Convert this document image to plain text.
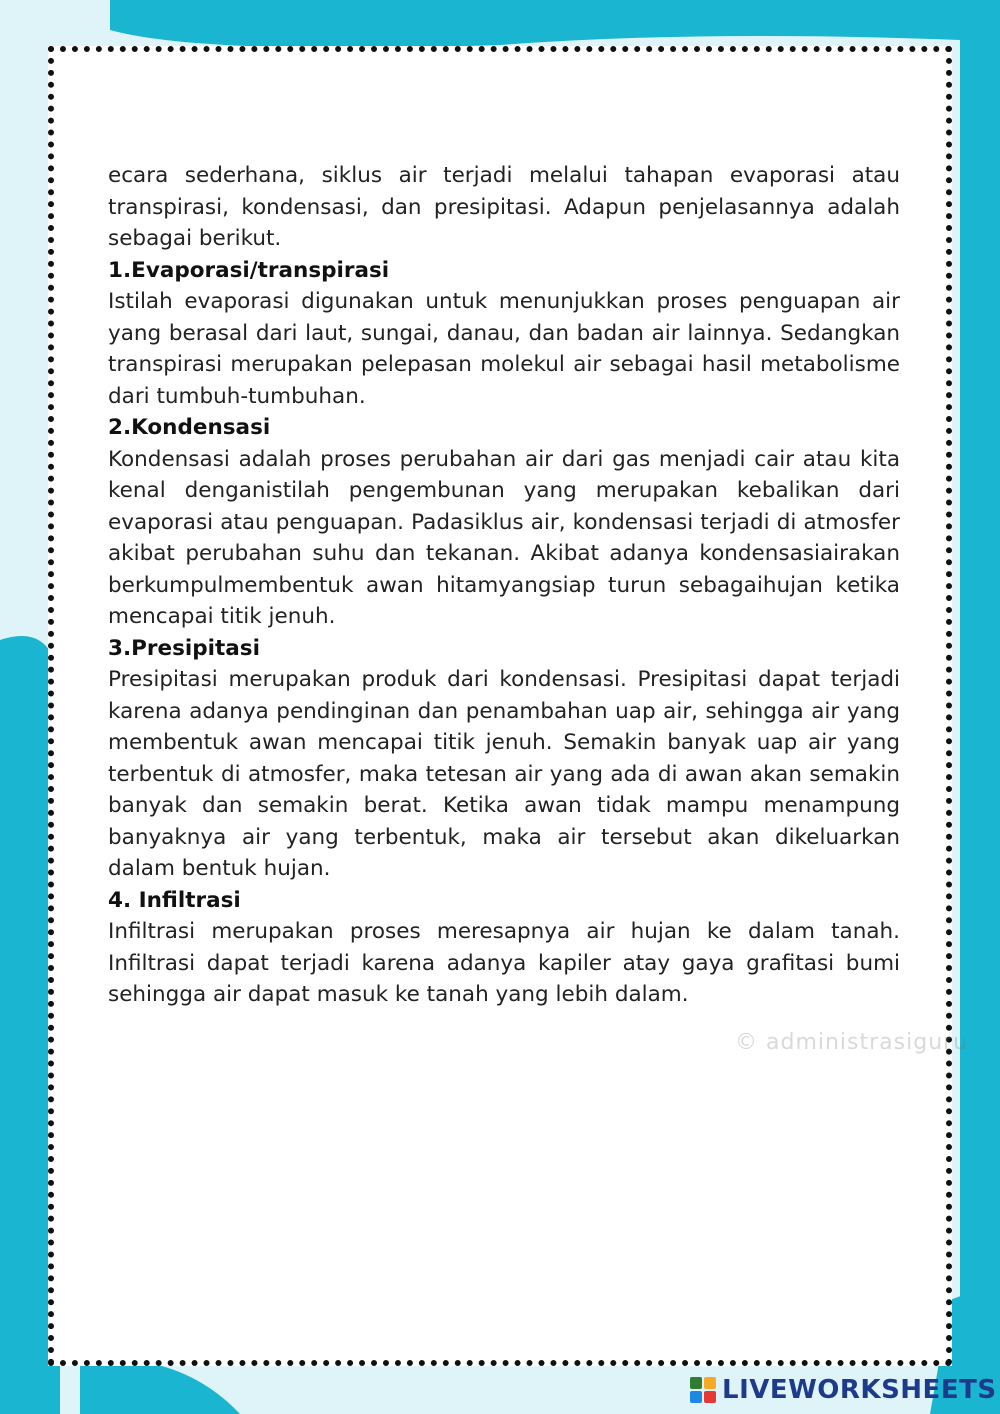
ecara sederhana, siklus air terjadi melalui tahapan evaporasi atau transpirasi, kondensasi, dan presipitasi. Adapun penjelasannya adalah sebagai berikut.

1.Evaporasi/transpirasi

Istilah evaporasi digunakan untuk menunjukkan proses penguapan air yang berasal dari laut, sungai, danau, dan badan air lainnya. Sedangkan transpirasi merupakan pelepasan molekul air sebagai hasil metabolisme dari tumbuh-tumbuhan.

2.Kondensasi

Kondensasi adalah proses perubahan air dari gas menjadi cair atau kita kenal denganistilah pengembunan yang merupakan kebalikan dari evaporasi atau penguapan. Padasiklus air, kondensasi terjadi di atmosfer akibat perubahan suhu dan tekanan. Akibat adanya kondensasiairakan berkumpulmembentuk awan hitamyangsiap turun sebagaihujan ketika mencapai titik jenuh.

3.Presipitasi

Presipitasi merupakan produk dari kondensasi. Presipitasi dapat terjadi karena adanya pendinginan dan penambahan uap air, sehingga air yang membentuk awan mencapai titik jenuh. Semakin banyak uap air yang terbentuk di atmosfer, maka tetesan air yang ada di awan akan semakin banyak dan semakin berat. Ketika awan tidak mampu menampung banyaknya air yang terbentuk, maka air tersebut akan dikeluarkan dalam bentuk hujan.

4. Infiltrasi

Infiltrasi merupakan proses meresapnya air hujan ke dalam tanah. Infiltrasi dapat terjadi karena adanya kapiler atay gaya grafitasi bumi sehingga air dapat masuk ke tanah yang lebih dalam.

© administrasiguru
LIVEWORKSHEETS
